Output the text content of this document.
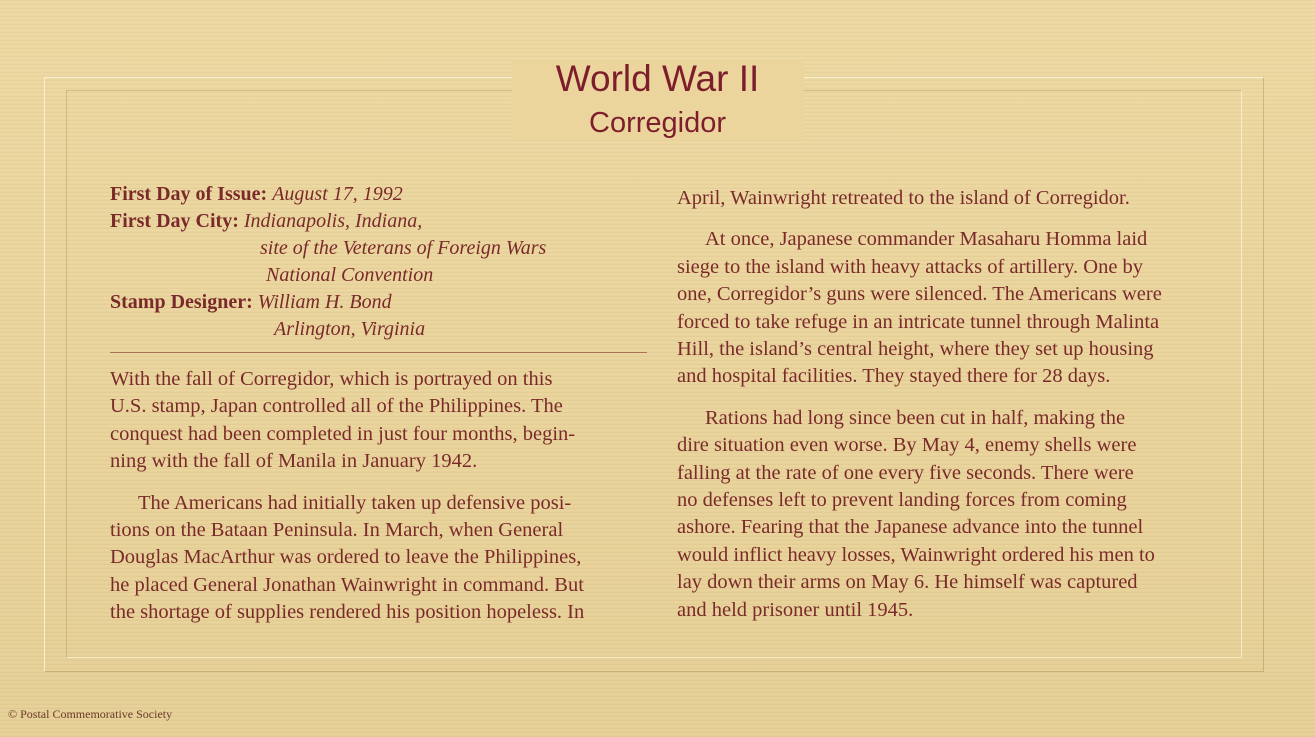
World War II
Corregidor
First Day of Issue: August 17, 1992
First Day City: Indianapolis, Indiana,
site of the Veterans of Foreign Wars
National Convention
Stamp Designer: William H. Bond
Arlington, Virginia

With the fall of Corregidor, which is portrayed on this
U.S. stamp, Japan controlled all of the Philippines. The
conquest had been completed in just four months, begin-
ning with the fall of Manila in January 1942.

The Americans had initially taken up defensive posi-
tions on the Bataan Peninsula. In March, when General
Douglas MacArthur was ordered to leave the Philippines,
he placed General Jonathan Wainwright in command. But
the shortage of supplies rendered his position hopeless. In

April, Wainwright retreated to the island of Corregidor.

At once, Japanese commander Masaharu Homma laid
siege to the island with heavy attacks of artillery. One by
one, Corregidor’s guns were silenced. The Americans were
forced to take refuge in an intricate tunnel through Malinta
Hill, the island’s central height, where they set up housing
and hospital facilities. They stayed there for 28 days.

Rations had long since been cut in half, making the
dire situation even worse. By May 4, enemy shells were
falling at the rate of one every five seconds. There were
no defenses left to prevent landing forces from coming
ashore. Fearing that the Japanese advance into the tunnel
would inflict heavy losses, Wainwright ordered his men to
lay down their arms on May 6. He himself was captured
and held prisoner until 1945.

© Postal Commemorative Society
